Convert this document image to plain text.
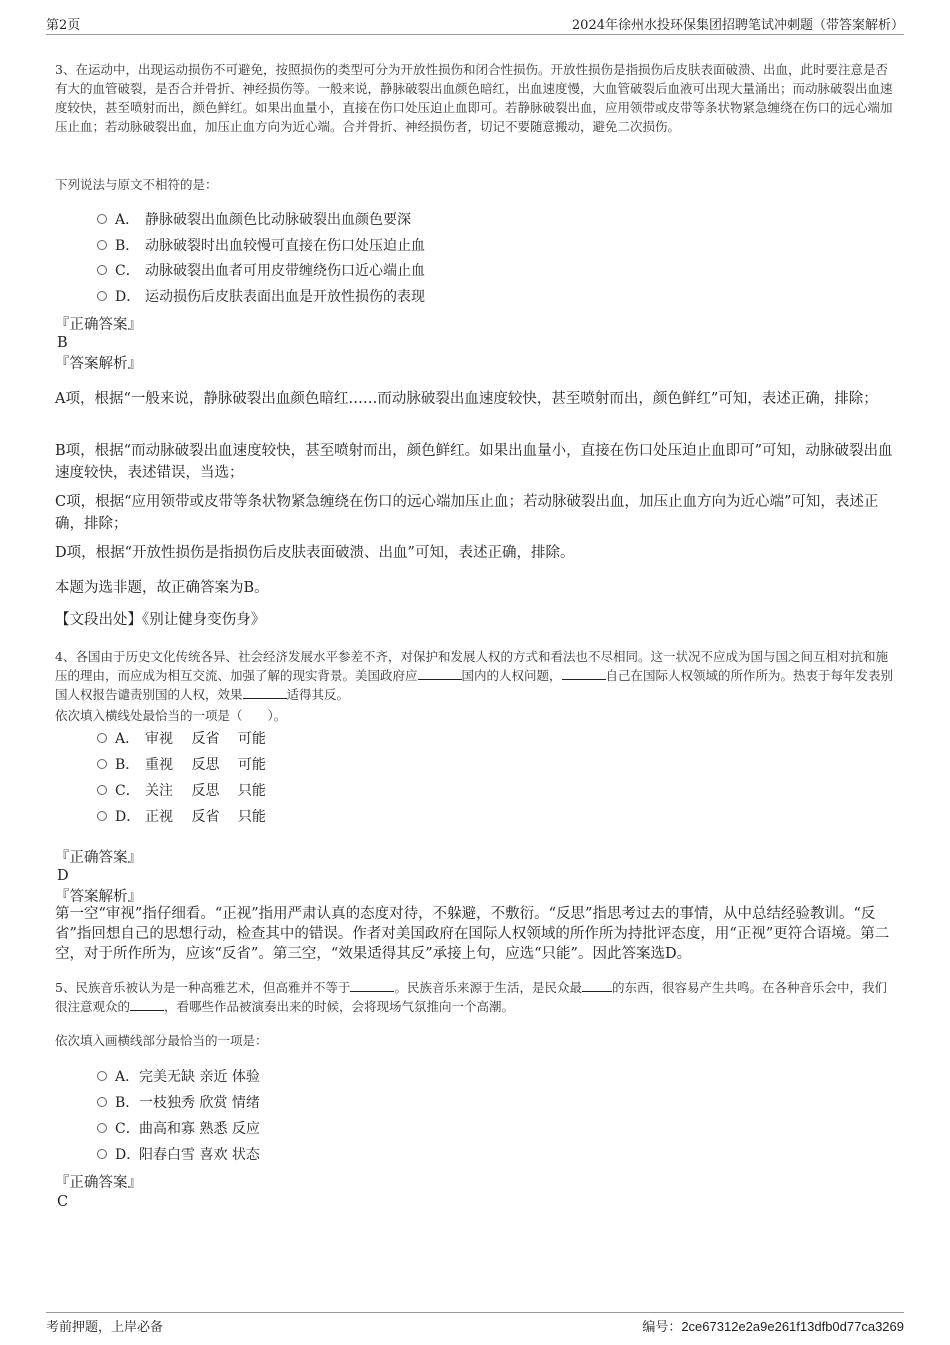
第2页	2024年徐州水投环保集团招聘笔试冲刺题（带答案解析）
3、在运动中，出现运动损伤不可避免，按照损伤的类型可分为开放性损伤和闭合性损伤。开放性损伤是指损伤后皮肤表面破溃、出血，此时要注意是否有大的血管破裂，是否合并骨折、神经损伤等。一般来说，静脉破裂出血颜色暗红，出血速度慢，大血管破裂后血液可出现大量涌出；而动脉破裂出血速度较快，甚至喷射而出，颜色鲜红。如果出血量小，直接在伤口处压迫止血即可。若静脉破裂出血，应用领带或皮带等条状物紧急缠绕在伤口的远心端加压止血；若动脉破裂出血，加压止血方向为近心端。合并骨折、神经损伤者，切记不要随意搬动，避免二次损伤。
下列说法与原文不相符的是：
A． 静脉破裂出血颜色比动脉破裂出血颜色要深
B． 动脉破裂时出血较慢可直接在伤口处压迫止血
C． 动脉破裂出血者可用皮带缠绕伤口近心端止血
D． 运动损伤后皮肤表面出血是开放性损伤的表现
『正确答案』
B
『答案解析』
A项，根据“一般来说，静脉破裂出血颜色暗红……而动脉破裂出血速度较快，甚至喷射而出，颜色鲜红”可知，表述正确，排除；
B项，根据“而动脉破裂出血速度较快，甚至喷射而出，颜色鲜红。如果出血量小，直接在伤口处压迫止血即可”可知，动脉破裂出血速度较快，表述错误，当选；
C项，根据“应用领带或皮带等条状物紧急缠绕在伤口的远心端加压止血；若动脉破裂出血，加压止血方向为近心端”可知，表述正确，排除；
D项，根据“开放性损伤是指损伤后皮肤表面破溃、出血”可知，表述正确，排除。
本题为选非题，故正确答案为B。
【文段出处】《别让健身变伤身》
4、各国由于历史文化传统各异、社会经济发展水平参差不齐，对保护和发展人权的方式和看法也不尽相同。这一状况不应成为国与国之间互相对抗和施压的理由，而应成为相互交流、加强了解的现实背景。美国政府应	国内的人权问题，	自己在国际人权领域的所作所为。热衷于每年发表别国人权报告谴责别国的人权，效果	适得其反。
依次填入横线处最恰当的一项是（　　）。
A． 审视　 反省　 可能
B． 重视　 反思　 可能
C． 关注　 反思　 只能
D． 正视　 反省　 只能
『正确答案』
D
『答案解析』
第一空“审视”指仔细看。“正视”指用严肃认真的态度对待，不躲避，不敷衍。“反思”指思考过去的事情，从中总结经验教训。“反省”指回想自己的思想行动，检查其中的错误。作者对美国政府在国际人权领域的所作所为持批评态度，用“正视”更符合语境。第二空，对于所作所为，应该“反省”。第三空，“效果适得其反”承接上句，应选“只能”。因此答案选D。
5、民族音乐被认为是一种高雅艺术，但高雅并不等于	。民族音乐来源于生活，是民众最 的东西，很容易产生共鸣。在各种音乐会中，我们很注意观众的	，看哪些作品被演奏出来的时候，会将现场气氛推向一个高潮。
依次填入画横线部分最恰当的一项是：
A．完美无缺 亲近 体验
B．一枝独秀 欣赏 情绪
C．曲高和寡 熟悉 反应
D．阳春白雪 喜欢 状态
『正确答案』
C
考前押题，上岸必备	编号：2ce67312e2a9e261f13dfb0d77ca3269
